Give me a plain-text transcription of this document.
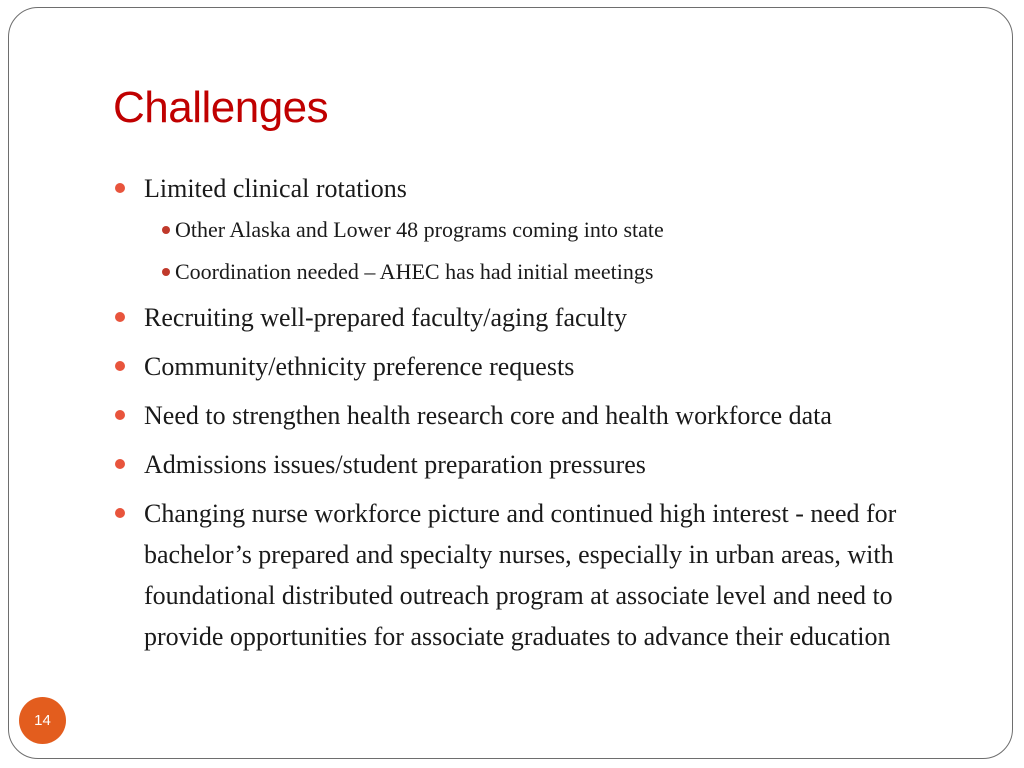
Challenges
Limited clinical rotations
Other Alaska and Lower 48 programs coming into state
Coordination needed – AHEC has had initial meetings
Recruiting well-prepared faculty/aging faculty
Community/ethnicity preference requests
Need to strengthen health research core and health workforce data
Admissions issues/student preparation pressures
Changing nurse workforce picture and continued high interest - need for bachelor’s prepared and specialty nurses, especially in urban areas, with foundational distributed outreach program at associate level and need to provide opportunities for associate graduates to advance their education
14
